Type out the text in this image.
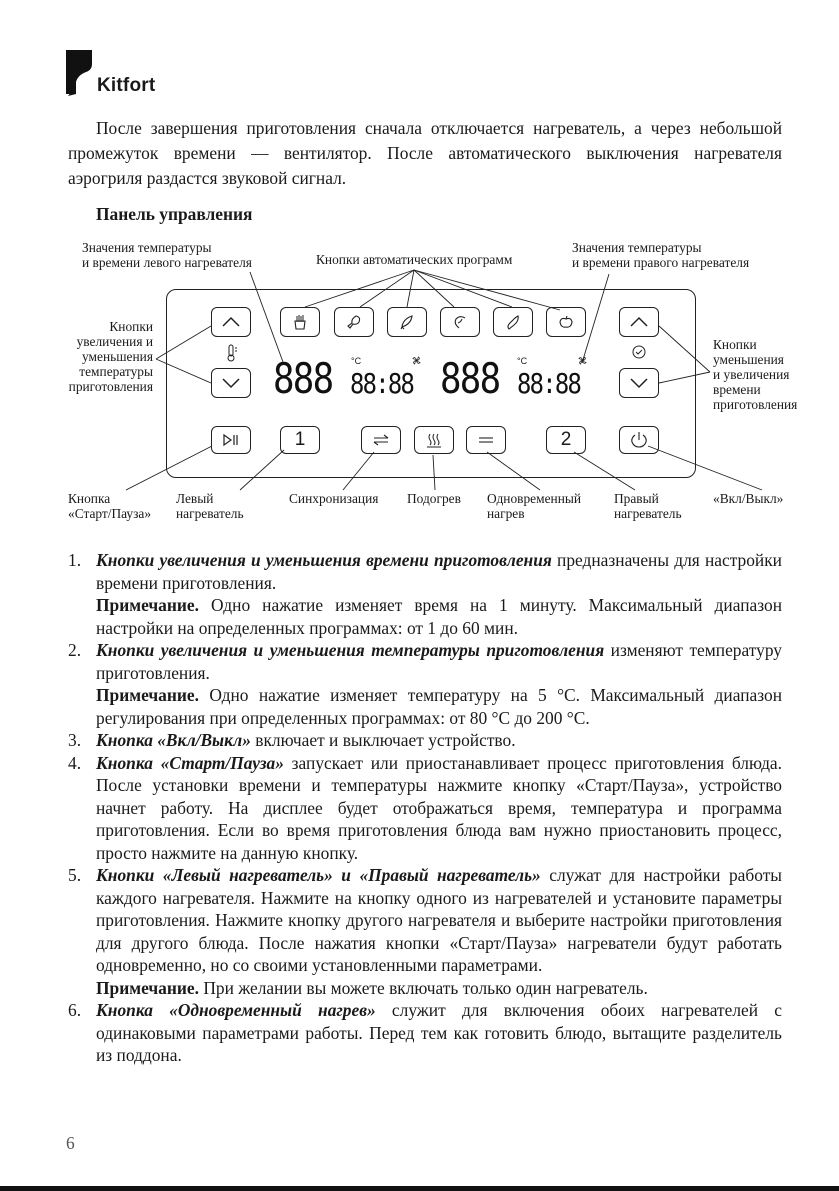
Kitfort

После завершения приготовления сначала отключается нагреватель, а через небольшой промежуток времени — вентилятор. После автоматического выключения нагревателя аэрогриля раздастся звуковой сигнал.

Панель управления
Значения температуры
и времени левого нагревателя	Кнопки автоматических программ
Значения температуры
и времени правого нагревателя
Кнопки
увеличения и
уменьшения
температуры
приготовления
Кнопки
уменьшения
и увеличения
времени
приготовления
Кнопка
«Старт/Пауза»
Левый
нагреватель
Синхронизация Подогрев Одновременный
нагрев
Правый
нагреватель
«Вкл/Выкл»
888 °C
88:88 888 °C
88:88
1	2
1. Кнопки увеличения и уменьшения времени приготовления предназначены для настройки времени приготовления.
Примечание. Одно нажатие изменяет время на 1 минуту. Максимальный диапазон настройки на определенных программах: от 1 до 60 мин.
2. Кнопки увеличения и уменьшения температуры приготовления изменяют температуру приготовления.
Примечание. Одно нажатие изменяет температуру на 5 °C. Максимальный диапазон регулирования при определенных программах: от 80 °C до 200 °C.
3. Кнопка «Вкл/Выкл» включает и выключает устройство.
4. Кнопка «Старт/Пауза» запускает или приостанавливает процесс приготовления блюда. После установки времени и температуры нажмите кнопку «Старт/Пауза», устройство начнет работу. На дисплее будет отображаться время, температура и программа приготовления. Если во время приготовления блюда вам нужно приостановить процесс, просто нажмите на данную кнопку.
5. Кнопки «Левый нагреватель» и «Правый нагреватель» служат для настройки работы каждого нагревателя. Нажмите на кнопку одного из нагревателей и установите параметры приготовления. Нажмите кнопку другого нагревателя и выберите настройки приготовления для другого блюда. После нажатия кнопки «Старт/Пауза» нагреватели будут работать одновременно, но со своими установленными параметрами.
Примечание. При желании вы можете включать только один нагреватель.
6. Кнопка «Одновременный нагрев» служит для включения обоих нагревателей с одинаковыми параметрами работы. Перед тем как готовить блюдо, вытащите разделитель из поддона.
6
